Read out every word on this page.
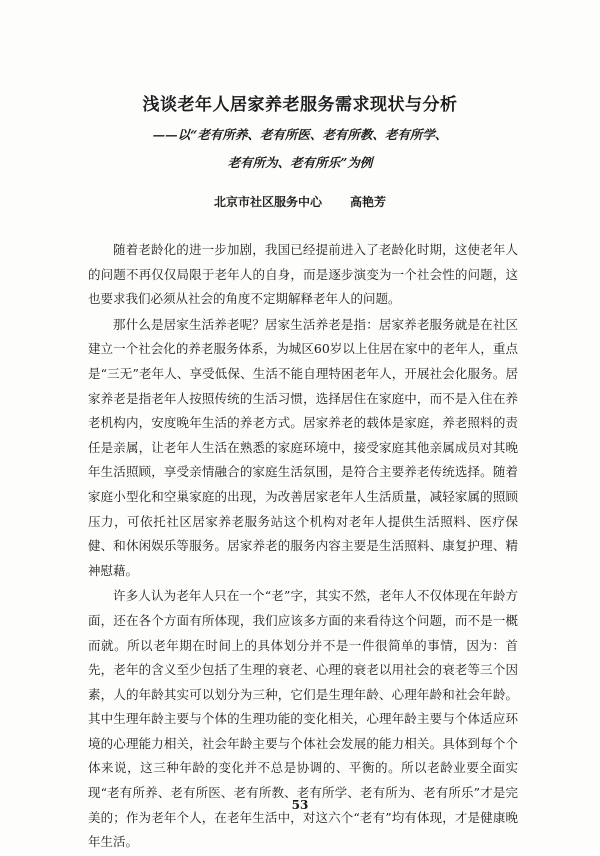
浅谈老年人居家养老服务需求现状与分析
——以“老有所养、老有所医、老有所教、老有所学、
老有所为、老有所乐”为例
北京市社区服务中心 高艳芳

随着老龄化的进一步加剧，我国已经提前进入了老龄化时期，这使老年人的问题不再仅仅局限于老年人的自身，而是逐步演变为一个社会性的问题，这也要求我们必须从社会的角度不定期解释老年人的问题。

那什么是居家生活养老呢？居家生活养老是指：居家养老服务就是在社区建立一个社会化的养老服务体系，为城区60岁以上住居在家中的老年人，重点是“三无”老年人、享受低保、生活不能自理特困老年人，开展社会化服务。居家养老是指老年人按照传统的生活习惯，选择居住在家庭中，而不是入住在养老机构内，安度晚年生活的养老方式。居家养老的载体是家庭，养老照料的责任是亲属，让老年人生活在熟悉的家庭环境中，接受家庭其他亲属成员对其晚年生活照顾，享受亲情融合的家庭生活氛围，是符合主要养老传统选择。随着家庭小型化和空巢家庭的出现，为改善居家老年人生活质量，减轻家属的照顾压力，可依托社区居家养老服务站这个机构对老年人提供生活照料、医疗保健、和休闲娱乐等服务。居家养老的服务内容主要是生活照料、康复护理、精神慰藉。

许多人认为老年人只在一个“老”字，其实不然，老年人不仅体现在年龄方面，还在各个方面有所体现，我们应该多方面的来看待这个问题，而不是一概而就。所以老年期在时间上的具体划分并不是一件很简单的事情，因为：首先，老年的含义至少包括了生理的衰老、心理的衰老以用社会的衰老等三个因素，人的年龄其实可以划分为三种，它们是生理年龄、心理年龄和社会年龄。其中生理年龄主要与个体的生理功能的变化相关，心理年龄主要与个体适应环境的心理能力相关，社会年龄主要与个体社会发展的能力相关。具体到每个个体来说，这三种年龄的变化并不总是协调的、平衡的。所以老龄业要全面实现“老有所养、老有所医、老有所教、老有所学、老有所为、老有所乐”才是完美的；作为老年个人，在老年生活中，对这六个“老有”均有体现，才是健康晚年生活。

53
